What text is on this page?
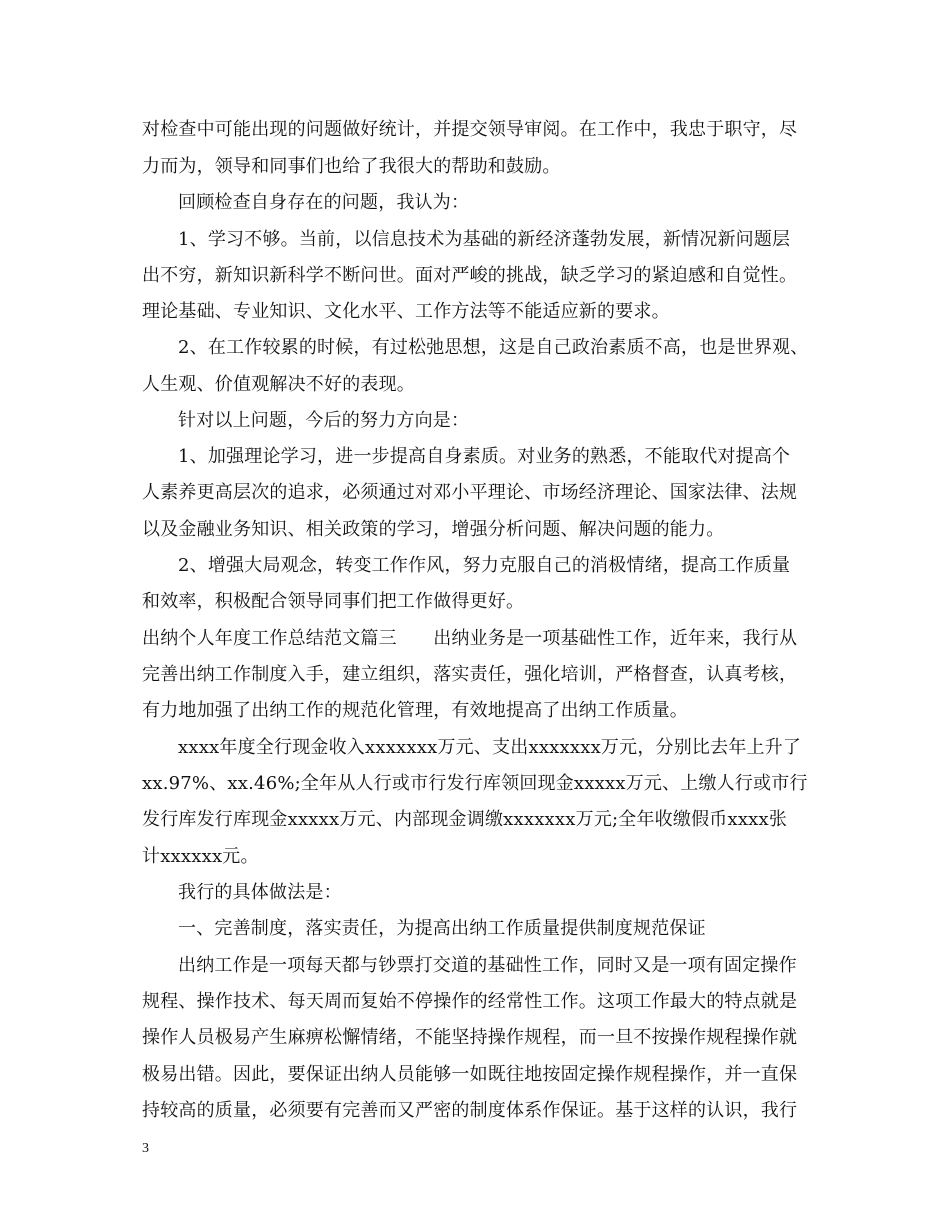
对检查中可能出现的问题做好统计，并提交领导审阅。在工作中，我忠于职守，尽
力而为，领导和同事们也给了我很大的帮助和鼓励。
回顾检查自身存在的问题，我认为：
1、学习不够。当前，以信息技术为基础的新经济蓬勃发展，新情况新问题层
出不穷，新知识新科学不断问世。面对严峻的挑战，缺乏学习的紧迫感和自觉性。
理论基础、专业知识、文化水平、工作方法等不能适应新的要求。
2、在工作较累的时候，有过松弛思想，这是自己政治素质不高，也是世界观、
人生观、价值观解决不好的表现。
针对以上问题，今后的努力方向是：
1、加强理论学习，进一步提高自身素质。对业务的熟悉，不能取代对提高个
人素养更高层次的追求，必须通过对邓小平理论、市场经济理论、国家法律、法规
以及金融业务知识、相关政策的学习，增强分析问题、解决问题的能力。
2、增强大局观念，转变工作作风，努力克服自己的消极情绪，提高工作质量
和效率，积极配合领导同事们把工作做得更好。
出纳个人年度工作总结范文篇三　　出纳业务是一项基础性工作，近年来，我行从
完善出纳工作制度入手，建立组织，落实责任，强化培训，严格督查，认真考核，
有力地加强了出纳工作的规范化管理，有效地提高了出纳工作质量。
xxxx年度全行现金收入xxxxxxx万元、支出xxxxxxx万元，分别比去年上升了
xx.97%、xx.46%;全年从人行或市行发行库领回现金xxxxx万元、上缴人行或市行
发行库发行库现金xxxxx万元、内部现金调缴xxxxxxx万元;全年收缴假币xxxx张
计xxxxxx元。
我行的具体做法是：
一、完善制度，落实责任，为提高出纳工作质量提供制度规范保证
出纳工作是一项每天都与钞票打交道的基础性工作，同时又是一项有固定操作
规程、操作技术、每天周而复始不停操作的经常性工作。这项工作最大的特点就是
操作人员极易产生麻痹松懈情绪，不能坚持操作规程，而一旦不按操作规程操作就
极易出错。因此，要保证出纳人员能够一如既往地按固定操作规程操作，并一直保
持较高的质量，必须要有完善而又严密的制度体系作保证。基于这样的认识，我行
3
